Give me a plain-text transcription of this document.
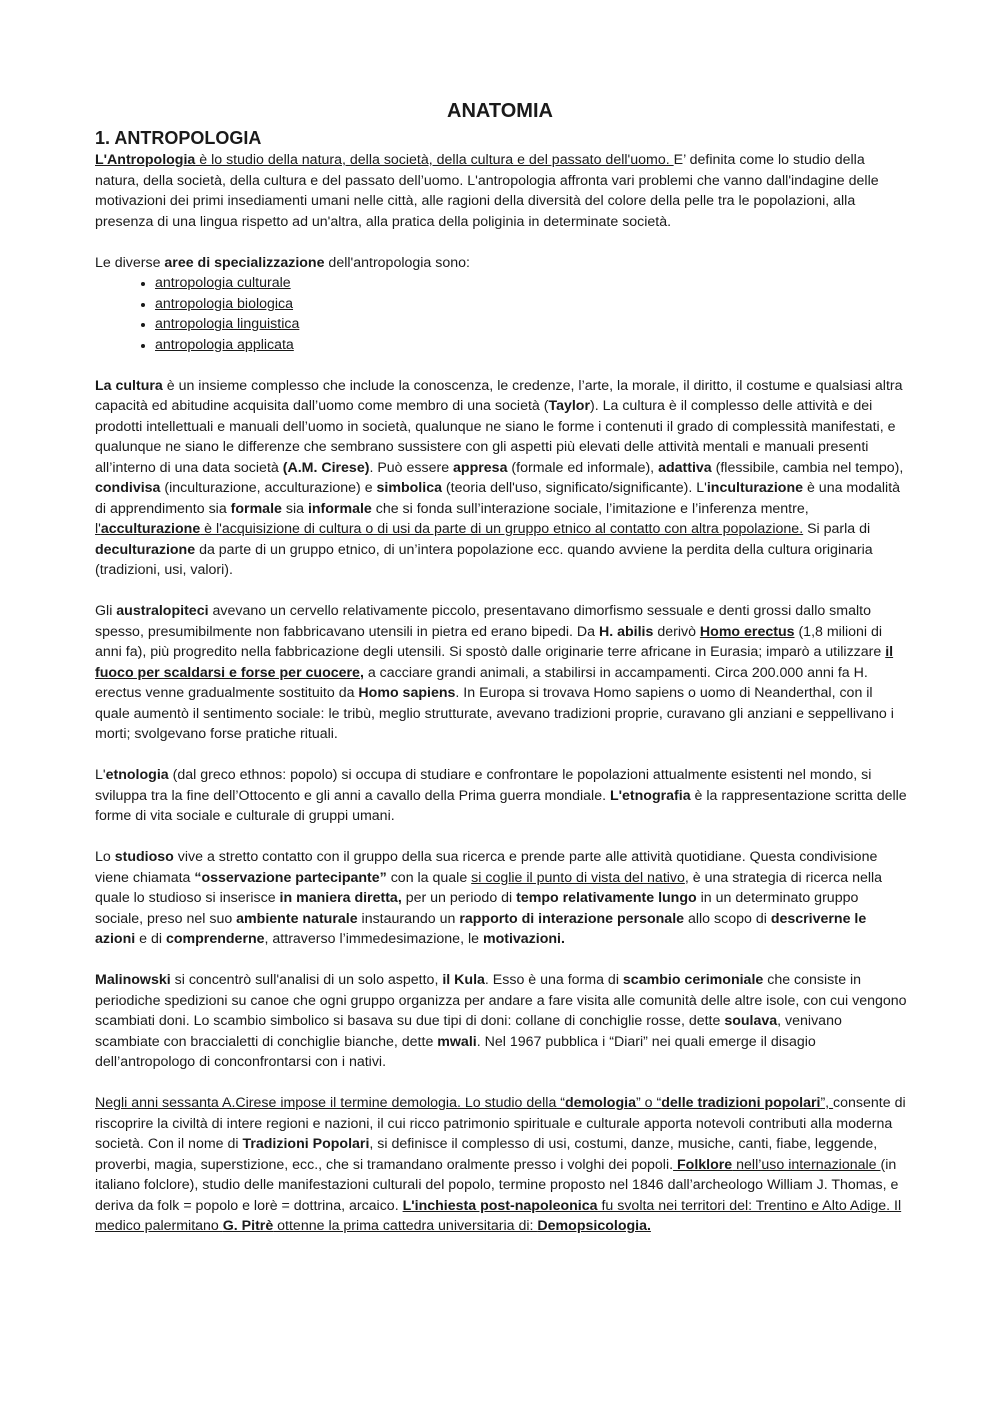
ANATOMIA
1. ANTROPOLOGIA

L'Antropologia è lo studio della natura, della società, della cultura e del passato dell'uomo. E’ definita come lo studio della natura, della società, della cultura e del passato dell’uomo. L'antropologia affronta vari problemi che vanno dall'indagine delle motivazioni dei primi insediamenti umani nelle città, alle ragioni della diversità del colore della pelle tra le popolazioni, alla presenza di una lingua rispetto ad un'altra, alla pratica della poliginia in determinate società.

Le diverse aree di specializzazione dell'antropologia sono:
• antropologia culturale
• antropologia biologica
• antropologia linguistica
• antropologia applicata

La cultura è un insieme complesso che include la conoscenza, le credenze, l’arte, la morale, il diritto, il costume e qualsiasi altra capacità ed abitudine acquisita dall’uomo come membro di una società (Taylor). La cultura è il complesso delle attività e dei prodotti intellettuali e manuali dell’uomo in società, qualunque ne siano le forme i contenuti il grado di complessità manifestati, e qualunque ne siano le differenze che sembrano sussistere con gli aspetti più elevati delle attività mentali e manuali presenti all’interno di una data società (A.M. Cirese). Può essere appresa (formale ed informale), adattiva (flessibile, cambia nel tempo), condivisa (inculturazione, acculturazione) e simbolica (teoria dell'uso, significato/significante). L'inculturazione è una modalità di apprendimento sia formale sia informale che si fonda sull’interazione sociale, l’imitazione e l’inferenza mentre, l'acculturazione è l'acquisizione di cultura o di usi da parte di un gruppo etnico al contatto con altra popolazione. Si parla di deculturazione da parte di un gruppo etnico, di un’intera popolazione ecc. quando avviene la perdita della cultura originaria (tradizioni, usi, valori).

Gli australopiteci avevano un cervello relativamente piccolo, presentavano dimorfismo sessuale e denti grossi dallo smalto spesso, presumibilmente non fabbricavano utensili in pietra ed erano bipedi. Da H. abilis derivò Homo erectus (1,8 milioni di anni fa), più progredito nella fabbricazione degli utensili. Si spostò dalle originarie terre africane in Eurasia; imparò a utilizzare il fuoco per scaldarsi e forse per cuocere, a cacciare grandi animali, a stabilirsi in accampamenti. Circa 200.000 anni fa H. erectus venne gradualmente sostituito da Homo sapiens. In Europa si trovava Homo sapiens o uomo di Neanderthal, con il quale aumentò il sentimento sociale: le tribù, meglio strutturate, avevano tradizioni proprie, curavano gli anziani e seppellivano i morti; svolgevano forse pratiche rituali.

L'etnologia (dal greco ethnos: popolo) si occupa di studiare e confrontare le popolazioni attualmente esistenti nel mondo, si sviluppa tra la fine dell’Ottocento e gli anni a cavallo della Prima guerra mondiale. L'etnografia è la rappresentazione scritta delle forme di vita sociale e culturale di gruppi umani.

Lo studioso vive a stretto contatto con il gruppo della sua ricerca e prende parte alle attività quotidiane. Questa condivisione viene chiamata “osservazione partecipante” con la quale si coglie il punto di vista del nativo, è una strategia di ricerca nella quale lo studioso si inserisce in maniera diretta, per un periodo di tempo relativamente lungo in un determinato gruppo sociale, preso nel suo ambiente naturale instaurando un rapporto di interazione personale allo scopo di descriverne le azioni e di comprenderne, attraverso l’immedesimazione, le motivazioni.

Malinowski si concentrò sull'analisi di un solo aspetto, il Kula. Esso è una forma di scambio cerimoniale che consiste in periodiche spedizioni su canoe che ogni gruppo organizza per andare a fare visita alle comunità delle altre isole, con cui vengono scambiati doni. Lo scambio simbolico si basava su due tipi di doni: collane di conchiglie rosse, dette soulava, venivano scambiate con braccialetti di conchiglie bianche, dette mwali. Nel 1967 pubblica i “Diari” nei quali emerge il disagio dell’antropologo di conconfrontarsi con i nativi.

Negli anni sessanta A.Cirese impose il termine demologia. Lo studio della “demologia” o “delle tradizioni popolari”, consente di riscoprire la civiltà di intere regioni e nazioni, il cui ricco patrimonio spirituale e culturale apporta notevoli contributi alla moderna società. Con il nome di Tradizioni Popolari, si definisce il complesso di usi, costumi, danze, musiche, canti, fiabe, leggende, proverbi, magia, superstizione, ecc., che si tramandano oralmente presso i volghi dei popoli. Folklore nell’uso internazionale (in italiano folclore), studio delle manifestazioni culturali del popolo, termine proposto nel 1846 dall’archeologo William J. Thomas, e deriva da folk = popolo e lorè = dottrina, arcaico. L'inchiesta post-napoleonica fu svolta nei territori del: Trentino e Alto Adige. Il medico palermitano G. Pitrè ottenne la prima cattedra universitaria di: Demopsicologia.
